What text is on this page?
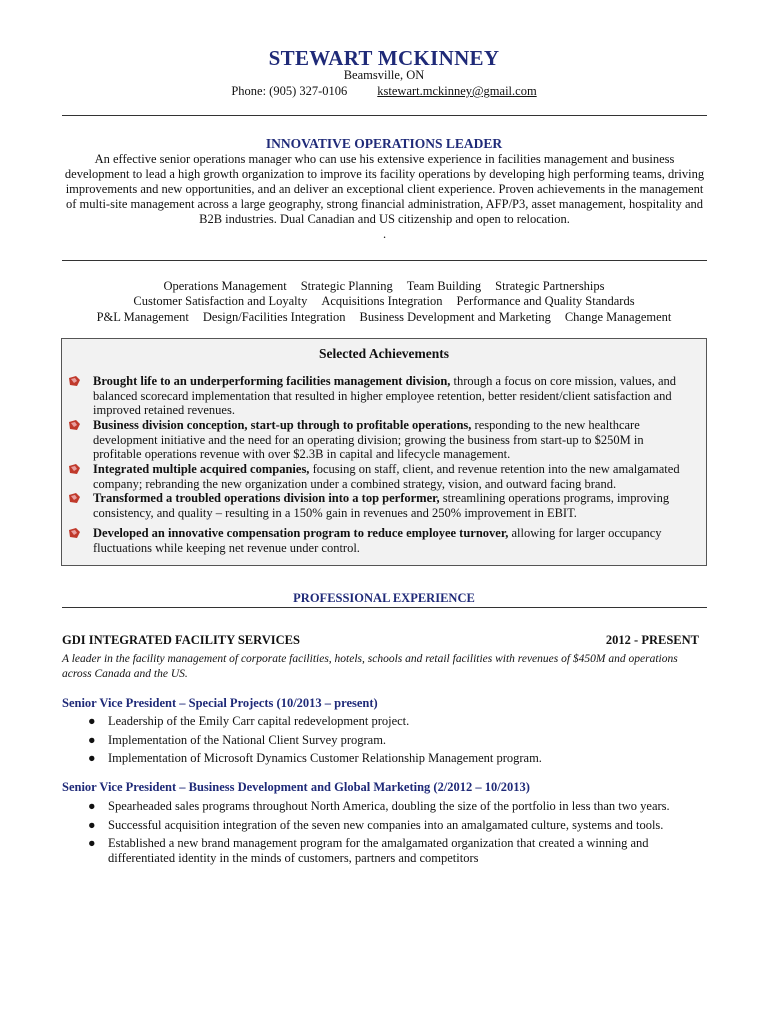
STEWART MCKINNEY
Beamsville, ON
Phone: (905) 327-0106 kstewart.mckinney@gmail.com
INNOVATIVE OPERATIONS LEADER
An effective senior operations manager who can use his extensive experience in facilities management and business development to lead a high growth organization to improve its facility operations by developing high performing teams, driving improvements and new opportunities, and an deliver an exceptional client experience. Proven achievements in the management of multi-site management across a large geography, strong financial administration, AFP/P3, asset management, hospitality and B2B industries. Dual Canadian and US citizenship and open to relocation.
.
Operations Management Strategic Planning Team Building Strategic Partnerships
Customer Satisfaction and Loyalty Acquisitions Integration Performance and Quality Standards
P&L Management Design/Facilities Integration Business Development and Marketing Change Management
Selected Achievements
Brought life to an underperforming facilities management division, through a focus on core mission, values, and balanced scorecard implementation that resulted in higher employee retention, better resident/client satisfaction and improved retained revenues.
Business division conception, start-up through to profitable operations, responding to the new healthcare development initiative and the need for an operating division; growing the business from start-up to $250M in profitable operations revenue with over $2.3B in capital and lifecycle management.
Integrated multiple acquired companies, focusing on staff, client, and revenue retention into the new amalgamated company; rebranding the new organization under a combined strategy, vision, and outward facing brand.
Transformed a troubled operations division into a top performer, streamlining operations programs, improving consistency, and quality – resulting in a 150% gain in revenues and 250% improvement in EBIT.
Developed an innovative compensation program to reduce employee turnover, allowing for larger occupancy fluctuations while keeping net revenue under control.
PROFESSIONAL EXPERIENCE
GDI INTEGRATED FACILITY SERVICES	2012 - PRESENT
A leader in the facility management of corporate facilities, hotels, schools and retail facilities with revenues of $450M and operations across Canada and the US.
Senior Vice President – Special Projects (10/2013 – present)
● Leadership of the Emily Carr capital redevelopment project.
● Implementation of the National Client Survey program.
● Implementation of Microsoft Dynamics Customer Relationship Management program.
Senior Vice President – Business Development and Global Marketing (2/2012 – 10/2013)
● Spearheaded sales programs throughout North America, doubling the size of the portfolio in less than two years.
● Successful acquisition integration of the seven new companies into an amalgamated culture, systems and tools.
● Established a new brand management program for the amalgamated organization that created a winning and differentiated identity in the minds of customers, partners and competitors
